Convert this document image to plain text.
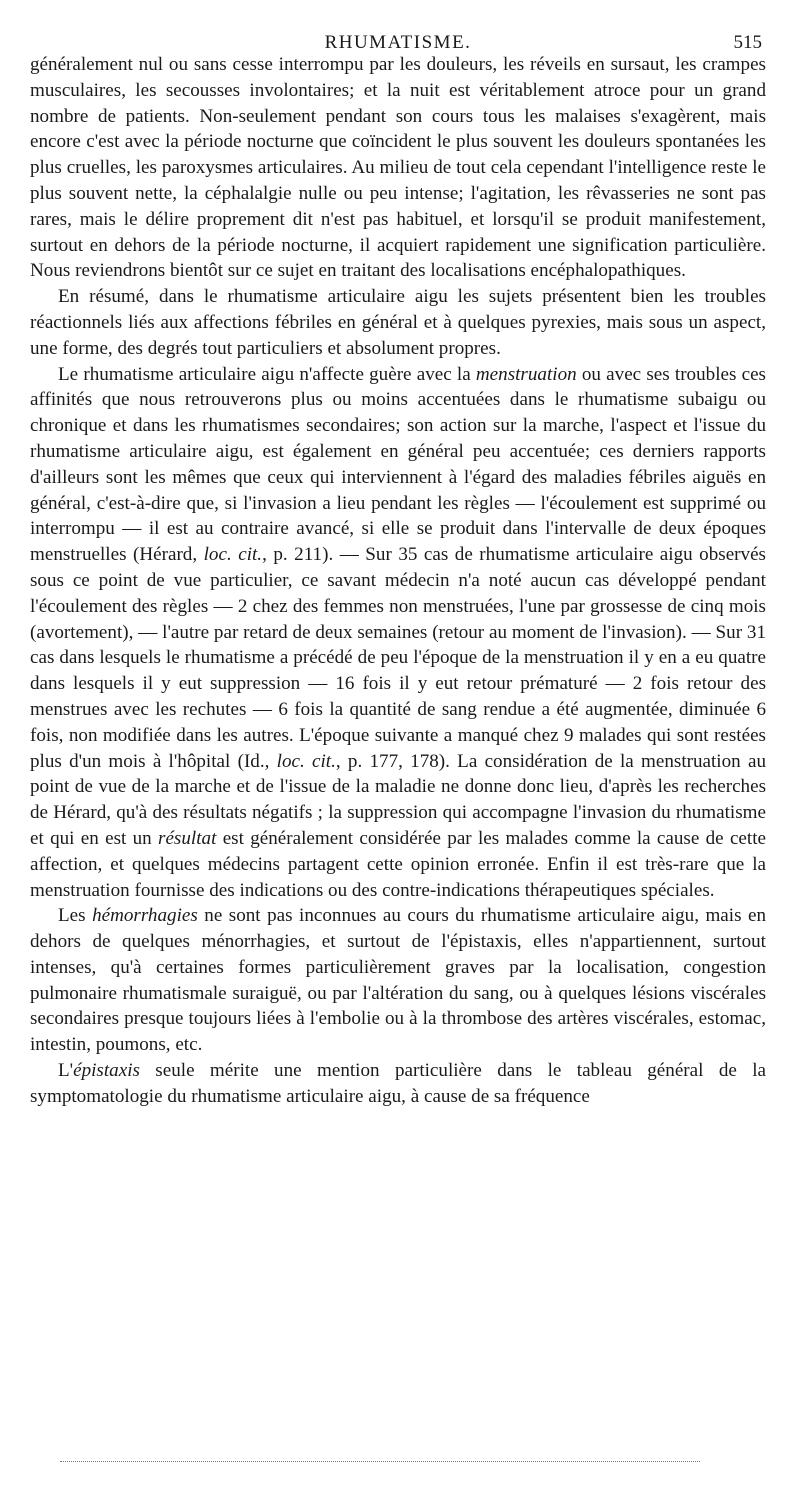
RHUMATISME.	515

généralement nul ou sans cesse interrompu par les douleurs, les réveils en sursaut, les crampes musculaires, les secousses involontaires; et la nuit est véritablement atroce pour un grand nombre de patients. Non-seulement pendant son cours tous les malaises s'exagèrent, mais encore c'est avec la période nocturne que coïncident le plus souvent les douleurs spontanées les plus cruelles, les paroxysmes articulaires. Au milieu de tout cela cependant l'intelligence reste le plus souvent nette, la céphalalgie nulle ou peu intense; l'agitation, les rêvasseries ne sont pas rares, mais le délire proprement dit n'est pas habituel, et lorsqu'il se produit manifestement, surtout en dehors de la période nocturne, il acquiert rapidement une signification particulière. Nous reviendrons bientôt sur ce sujet en traitant des localisations encéphalopathiques.

En résumé, dans le rhumatisme articulaire aigu les sujets présentent bien les troubles réactionnels liés aux affections fébriles en général et à quelques pyrexies, mais sous un aspect, une forme, des degrés tout particuliers et absolument propres.

Le rhumatisme articulaire aigu n'affecte guère avec la menstruation ou avec ses troubles ces affinités que nous retrouverons plus ou moins accentuées dans le rhumatisme subaigu ou chronique et dans les rhumatismes secondaires; son action sur la marche, l'aspect et l'issue du rhumatisme articulaire aigu, est également en général peu accentuée; ces derniers rapports d'ailleurs sont les mêmes que ceux qui interviennent à l'égard des maladies fébriles aiguës en général, c'est-à-dire que, si l'invasion a lieu pendant les règles — l'écoulement est supprimé ou interrompu — il est au contraire avancé, si elle se produit dans l'intervalle de deux époques menstruelles (Hérard, loc. cit., p. 211). — Sur 35 cas de rhumatisme articulaire aigu observés sous ce point de vue particulier, ce savant médecin n'a noté aucun cas développé pendant l'écoulement des règles — 2 chez des femmes non menstruées, l'une par grossesse de cinq mois (avortement), — l'autre par retard de deux semaines (retour au moment de l'invasion). — Sur 31 cas dans lesquels le rhumatisme a précédé de peu l'époque de la menstruation il y en a eu quatre dans lesquels il y eut suppression — 16 fois il y eut retour prématuré — 2 fois retour des menstrues avec les rechutes — 6 fois la quantité de sang rendue a été augmentée, diminuée 6 fois, non modifiée dans les autres. L'époque suivante a manqué chez 9 malades qui sont restées plus d'un mois à l'hôpital (Id., loc. cit., p. 177, 178). La considération de la menstruation au point de vue de la marche et de l'issue de la maladie ne donne donc lieu, d'après les recherches de Hérard, qu'à des résultats négatifs ; la suppression qui accompagne l'invasion du rhumatisme et qui en est un résultat est généralement considérée par les malades comme la cause de cette affection, et quelques médecins partagent cette opinion erronée. Enfin il est très-rare que la menstruation fournisse des indications ou des contre-indications thérapeutiques spéciales.

Les hémorrhagies ne sont pas inconnues au cours du rhumatisme articulaire aigu, mais en dehors de quelques ménorrhagies, et surtout de l'épistaxis, elles n'appartiennent, surtout intenses, qu'à certaines formes particulièrement graves par la localisation, congestion pulmonaire rhumatismale suraiguë, ou par l'altération du sang, ou à quelques lésions viscérales secondaires presque toujours liées à l'embolie ou à la thrombose des artères viscérales, estomac, intestin, poumons, etc.

L'épistaxis seule mérite une mention particulière dans le tableau général de la symptomatologie du rhumatisme articulaire aigu, à cause de sa fréquence
